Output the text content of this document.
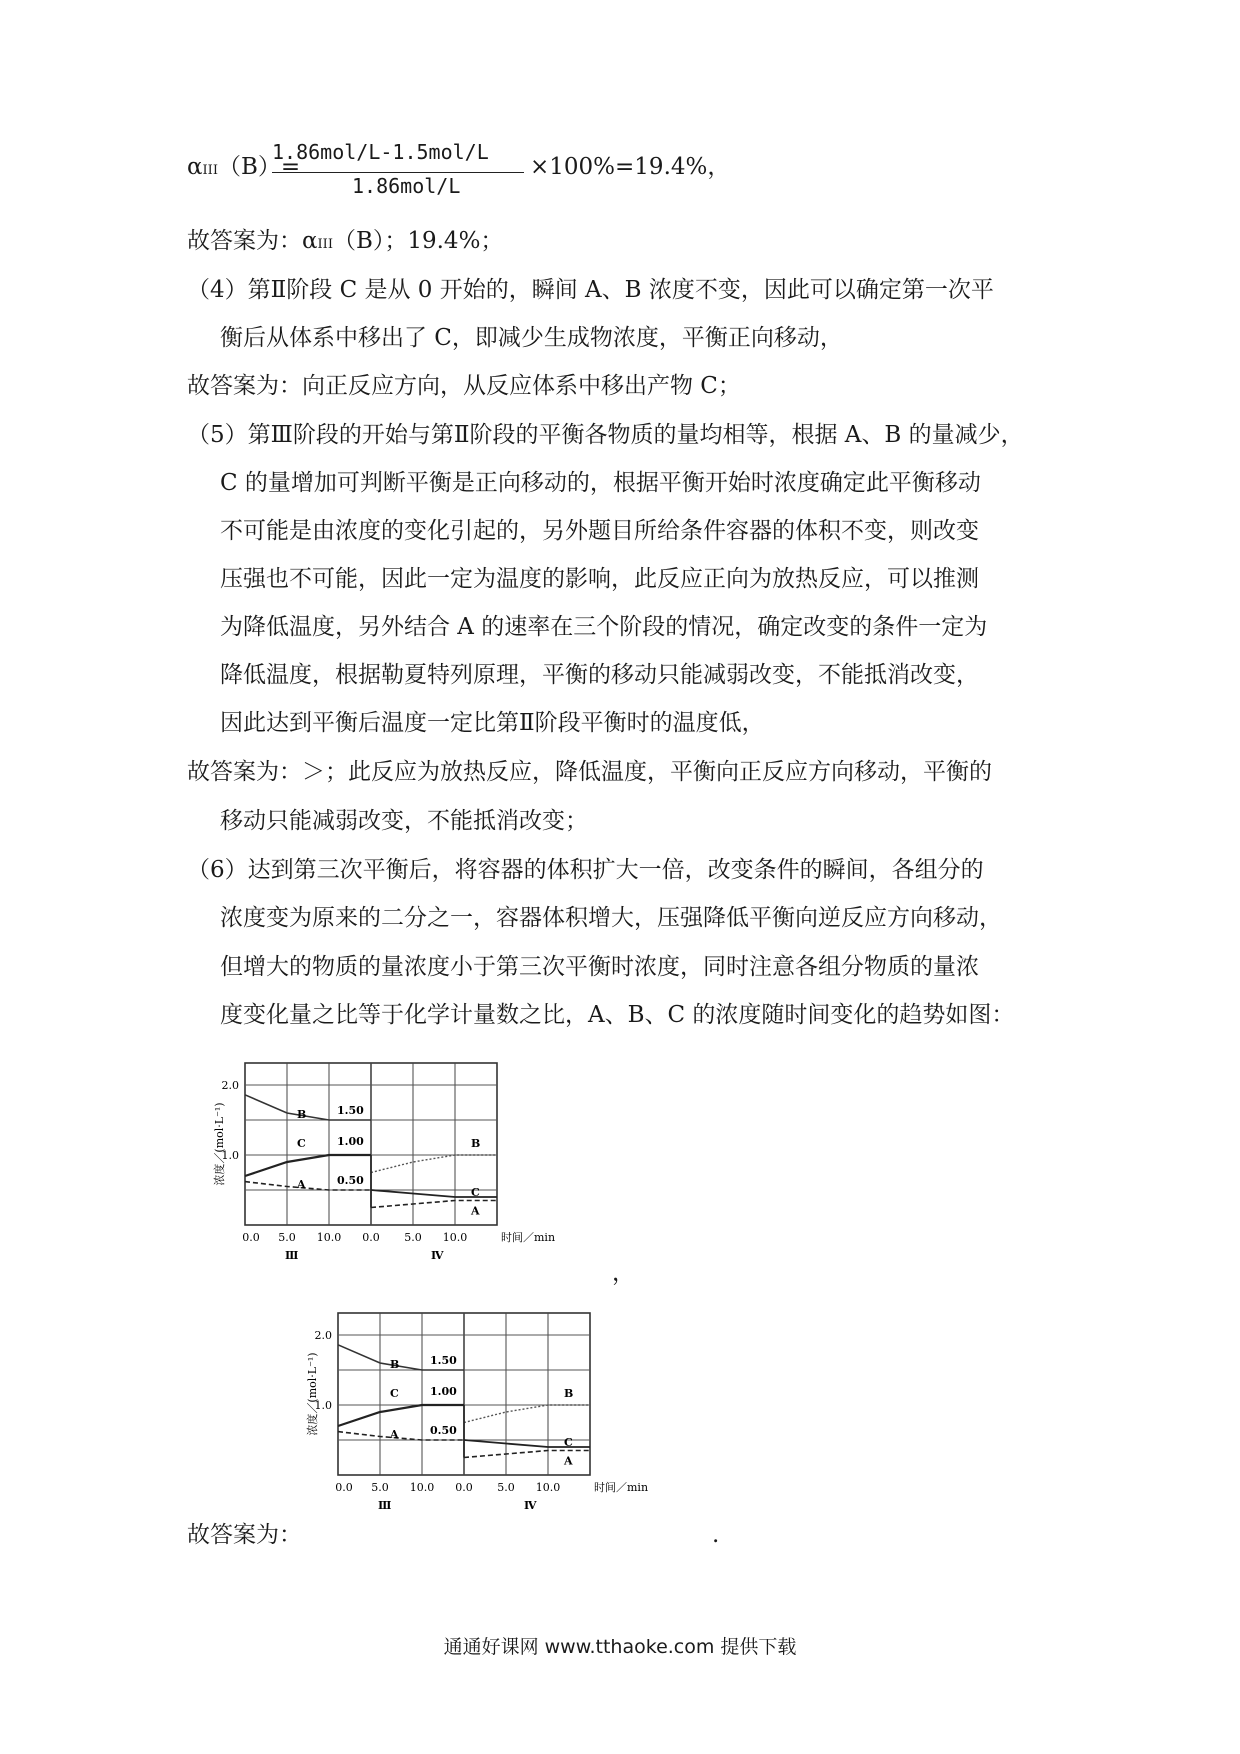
αIII（B）=
1.86mol/L-1.5mol/L
1.86mol/L
×100%=19.4%，
故答案为：αIII（B）；19.4%；
（4）第Ⅱ阶段 C 是从 0 开始的，瞬间 A、B 浓度不变，因此可以确定第一次平
衡后从体系中移出了 C，即减少生成物浓度，平衡正向移动，
故答案为：向正反应方向，从反应体系中移出产物 C；
（5）第Ⅲ阶段的开始与第Ⅱ阶段的平衡各物质的量均相等，根据 A、B 的量减少，
C 的量增加可判断平衡是正向移动的，根据平衡开始时浓度确定此平衡移动
不可能是由浓度的变化引起的，另外题目所给条件容器的体积不变，则改变
压强也不可能，因此一定为温度的影响，此反应正向为放热反应，可以推测
为降低温度，另外结合 A 的速率在三个阶段的情况，确定改变的条件一定为
降低温度，根据勒夏特列原理，平衡的移动只能减弱改变，不能抵消改变，
因此达到平衡后温度一定比第Ⅱ阶段平衡时的温度低，
故答案为：＞；此反应为放热反应，降低温度，平衡向正反应方向移动，平衡的
移动只能减弱改变，不能抵消改变；
（6）达到第三次平衡后，将容器的体积扩大一倍，改变条件的瞬间，各组分的
浓度变为原来的二分之一，容器体积增大，压强降低平衡向逆反应方向移动，
但增大的物质的量浓度小于第三次平衡时浓度，同时注意各组分物质的量浓
度变化量之比等于化学计量数之比，A、B、C 的浓度随时间变化的趋势如图：
2.0
1.0
浓度／(mol·L⁻¹)
0.0 5.0 10.0 0.0 5.0 10.0	时间／min
Ⅲ	Ⅳ
B
C
A
1.50
1.00
0.50
B
C
A
，
2.0
1.0
浓度／(mol·L⁻¹)
0.0 5.0 10.0 0.0 5.0 10.0	时间／min
Ⅲ	Ⅳ
B
C
A
1.50
1.00
0.50
B
C
A
故答案为：	.
通通好课网 www.tthaoke.com 提供下载
